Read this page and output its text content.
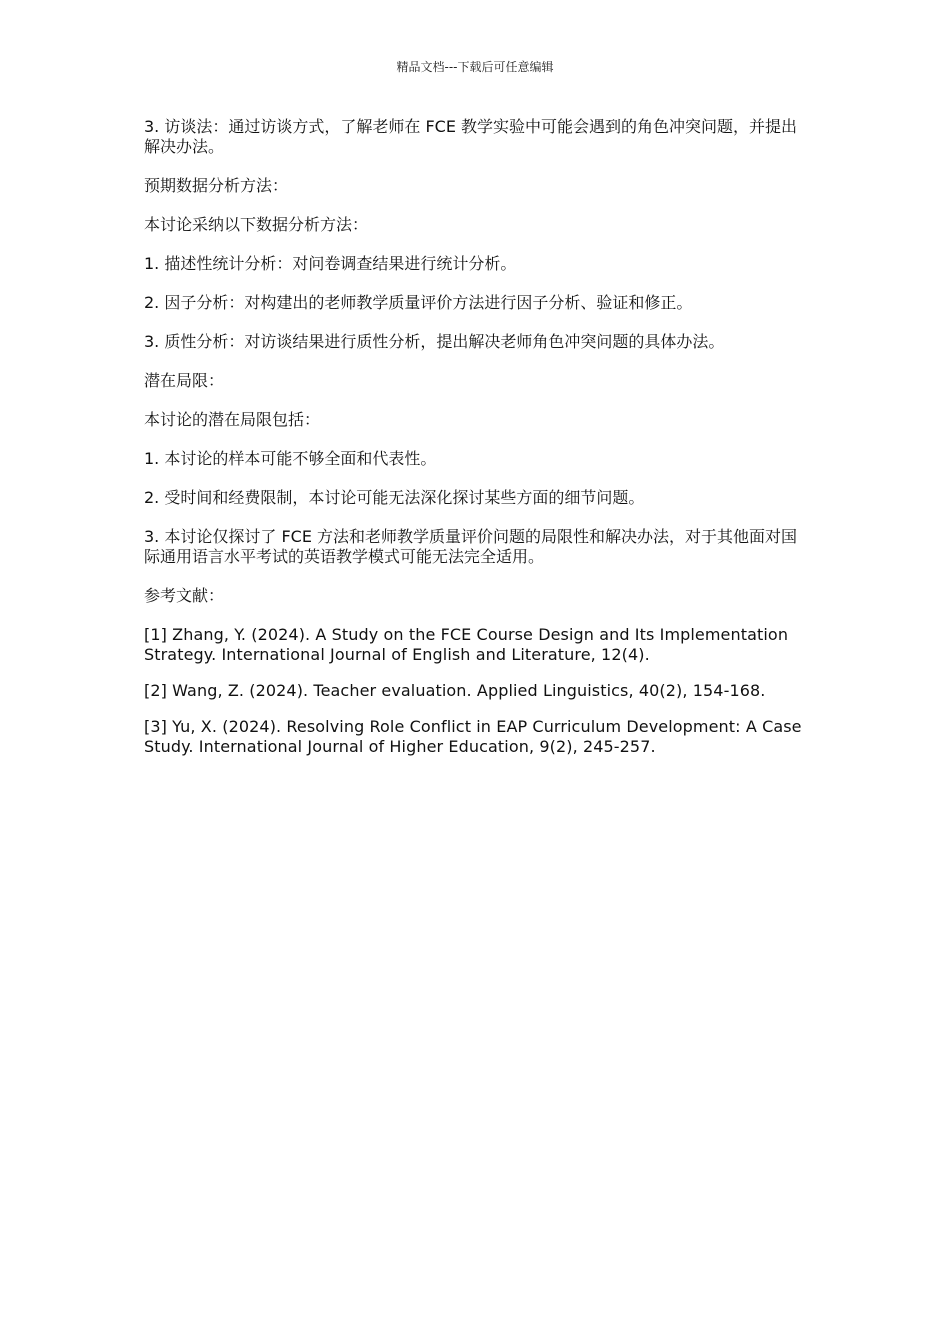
精品文档---下载后可任意编辑

3. 访谈法：通过访谈方式，了解老师在 FCE 教学实验中可能会遇到的角色冲突问题，并提出解决办法。

预期数据分析方法：

本讨论采纳以下数据分析方法：

1. 描述性统计分析：对问卷调查结果进行统计分析。

2. 因子分析：对构建出的老师教学质量评价方法进行因子分析、验证和修正。

3. 质性分析：对访谈结果进行质性分析，提出解决老师角色冲突问题的具体办法。

潜在局限：

本讨论的潜在局限包括：

1. 本讨论的样本可能不够全面和代表性。

2. 受时间和经费限制，本讨论可能无法深化探讨某些方面的细节问题。

3. 本讨论仅探讨了 FCE 方法和老师教学质量评价问题的局限性和解决办法，对于其他面对国际通用语言水平考试的英语教学模式可能无法完全适用。

参考文献：

[1] Zhang, Y. (2024). A Study on the FCE Course Design and Its Implementation Strategy. International Journal of English and Literature, 12(4).

[2] Wang, Z. (2024). Teacher evaluation. Applied Linguistics, 40(2), 154-168.

[3] Yu, X. (2024). Resolving Role Conflict in EAP Curriculum Development: A Case Study. International Journal of Higher Education, 9(2), 245-257.
